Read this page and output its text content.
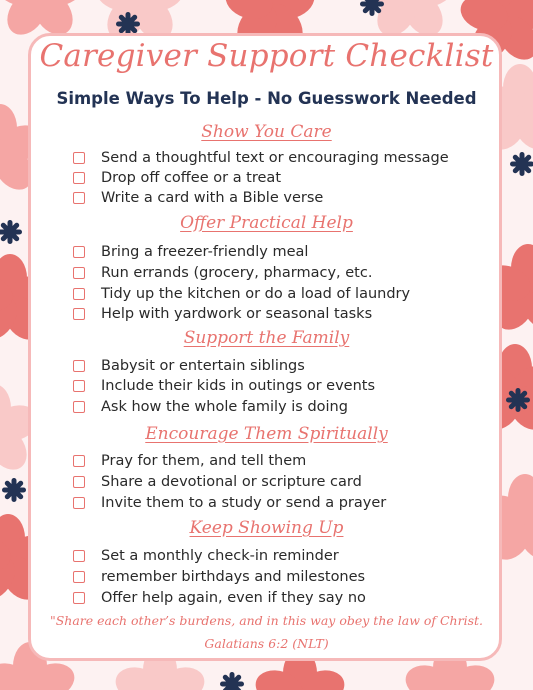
Caregiver Support Checklist
Simple Ways To Help - No Guesswork Needed
Show You Care
Send a thoughtful text or encouraging message
Drop off coffee or a treat
Write a card with a Bible verse
Offer Practical Help
Bring a freezer-friendly meal
Run errands (grocery, pharmacy, etc.
Tidy up the kitchen or do a load of laundry
Help with yardwork or seasonal tasks
Support the Family
Babysit or entertain siblings
Include their kids in outings or events
Ask how the whole family is doing
Encourage Them Spiritually
Pray for them, and tell them
Share a devotional or scripture card
Invite them to a study or send a prayer
Keep Showing Up
Set a monthly check-in reminder
remember birthdays and milestones
Offer help again, even if they say no
"Share each other’s burdens, and in this way obey the law of Christ.
Galatians 6:2 (NLT)
